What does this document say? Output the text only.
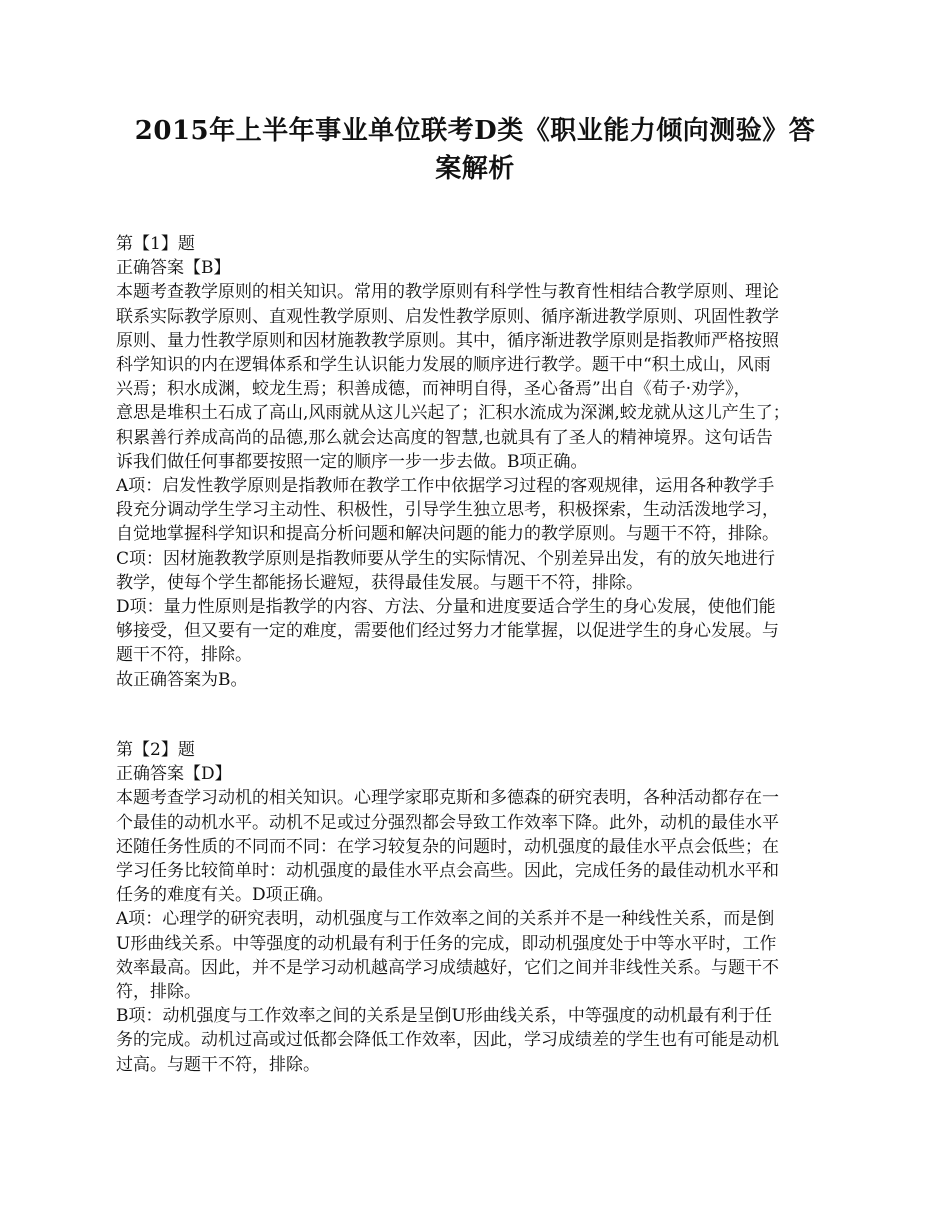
2015年上半年事业单位联考D类《职业能力倾向测验》答
案解析
第【1】题
正确答案【B】
本题考查教学原则的相关知识。常用的教学原则有科学性与教育性相结合教学原则、理论
联系实际教学原则、直观性教学原则、启发性教学原则、循序渐进教学原则、巩固性教学
原则、量力性教学原则和因材施教教学原则。其中，循序渐进教学原则是指教师严格按照
科学知识的内在逻辑体系和学生认识能力发展的顺序进行教学。题干中“积土成山，风雨
兴焉；积水成渊，蛟龙生焉；积善成德，而神明自得，圣心备焉”出自《荀子·劝学》，
意思是堆积土石成了高山,风雨就从这儿兴起了；汇积水流成为深渊,蛟龙就从这儿产生了；
积累善行养成高尚的品德,那么就会达高度的智慧,也就具有了圣人的精神境界。这句话告
诉我们做任何事都要按照一定的顺序一步一步去做。B项正确。
A项：启发性教学原则是指教师在教学工作中依据学习过程的客观规律，运用各种教学手
段充分调动学生学习主动性、积极性，引导学生独立思考，积极探索，生动活泼地学习，
自觉地掌握科学知识和提高分析问题和解决问题的能力的教学原则。与题干不符，排除。
C项：因材施教教学原则是指教师要从学生的实际情况、个别差异出发，有的放矢地进行
教学，使每个学生都能扬长避短，获得最佳发展。与题干不符，排除。
D项：量力性原则是指教学的内容、方法、分量和进度要适合学生的身心发展，使他们能
够接受，但又要有一定的难度，需要他们经过努力才能掌握，以促进学生的身心发展。与
题干不符，排除。
故正确答案为B。
第【2】题
正确答案【D】
本题考查学习动机的相关知识。心理学家耶克斯和多德森的研究表明，各种活动都存在一
个最佳的动机水平。动机不足或过分强烈都会导致工作效率下降。此外，动机的最佳水平
还随任务性质的不同而不同：在学习较复杂的问题时，动机强度的最佳水平点会低些；在
学习任务比较简单时：动机强度的最佳水平点会高些。因此，完成任务的最佳动机水平和
任务的难度有关。D项正确。
A项：心理学的研究表明，动机强度与工作效率之间的关系并不是一种线性关系，而是倒
U形曲线关系。中等强度的动机最有利于任务的完成，即动机强度处于中等水平时，工作
效率最高。因此，并不是学习动机越高学习成绩越好，它们之间并非线性关系。与题干不
符，排除。
B项：动机强度与工作效率之间的关系是呈倒U形曲线关系，中等强度的动机最有利于任
务的完成。动机过高或过低都会降低工作效率，因此，学习成绩差的学生也有可能是动机
过高。与题干不符，排除。
